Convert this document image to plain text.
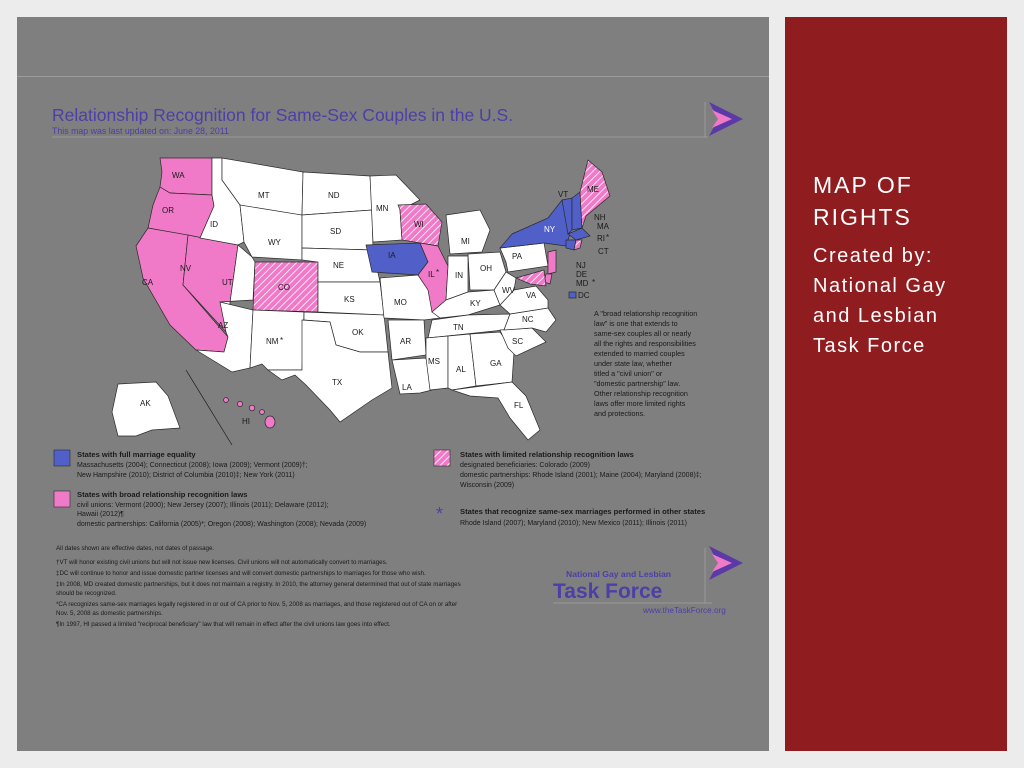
MAP OF
RIGHTS
Created by:
National Gay
and Lesbian
Task Force
Relationship Recognition for Same-Sex Couples in the U.S.
This map was last updated on: June 28, 2011
WA
OR
CA
NV
ID
MT
WY
UT
CO
AZ
NM *
ND
SD
NE
KS
OK
TX
MN
IA
MO
AR
LA
WI
IL *
MI
IN
OH
KY
TN
MS
AL
GA
FL
SC
NC
VA
WV
PA
NY
VT
ME
NH
MA
RI *
CT
NJ
DE
MD *
DC
AK
HI
A "broad relationship recognition
law" is one that extends to
same-sex couples all or nearly
all the rights and responsibilities
extended to married couples
under state law, whether
titled a "civil union" or
"domestic partnership" law.
Other relationship recognition
laws offer more limited rights
and protections.
States with full marriage equality
Massachusetts (2004); Connecticut (2008); Iowa (2009); Vermont (2009)†;
New Hampshire (2010); District of Columbia (2010)‡; New York (2011)
States with broad relationship recognition laws
civil unions: Vermont (2000); New Jersey (2007); Illinois (2011); Delaware (2012);
Hawaii (2012)¶
domestic partnerships: California (2005)*; Oregon (2008); Washington (2008); Nevada (2009)
States with limited relationship recognition laws
designated beneficiaries: Colorado (2009)
domestic partnerships: Rhode Island (2001); Maine (2004); Maryland (2008)‡;
Wisconsin (2009)
* States that recognize same-sex marriages performed in other states
Rhode Island (2007); Maryland (2010); New Mexico (2011); Illinois (2011)
All dates shown are effective dates, not dates of passage.
†VT will honor existing civil unions but will not issue new licenses. Civil unions will not automatically convert to marriages.
‡DC will continue to honor and issue domestic partner licenses and will convert domestic partnerships to marriages for those who wish.
‡In 2008, MD created domestic partnerships, but it does not maintain a registry. In 2010, the attorney general determined that out of state marriages
should be recognized.
*CA recognizes same-sex marriages legally registered in or out of CA prior to Nov. 5, 2008 as marriages, and those registered out of CA on or after
Nov. 5, 2008 as domestic partnerships.
¶In 1997, HI passed a limited "reciprocal beneficiary" law that will remain in effect after the civil unions law goes into effect.
National Gay and Lesbian
Task Force
www.theTaskForce.org
